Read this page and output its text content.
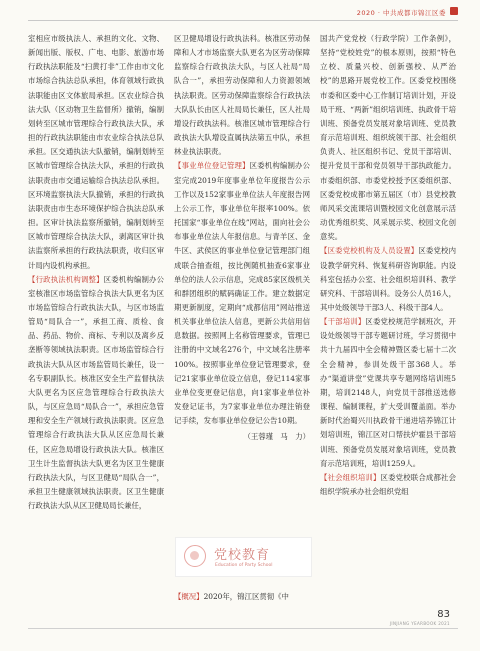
2020 · 中共成都市锦江区委

室相应市级执法人、承担的文化、文物、新闻出版、版权、广电、电影、旅游市场行政执法职能及“扫黄打非”工作由市文化市场综合执法总队承担，体育领域行政执法职能由区文体旅局承担。区农业综合执法大队（区动物卫生监督所）撤销，编制划转至区城市管理综合行政执法大队，承担的行政执法职能由市农业综合执法总队承担。区交通执法大队撤销，编制划转至区城市管理综合执法大队，承担的行政执法职责由市交通运输综合执法总队承担。区环境监察执法大队撤销，承担的行政执法职责由市生态环境保护综合执法总队承担。区审计执法监察所撤销，编制划转至区城市管理综合执法大队，剥离区审计执法监察所承担的行政执法职责，收归区审计局内设机构承担。

【行政执法机构调整】区委机构编制办公室核准区市场监管综合执法大队更名为区市场监管综合行政执法大队，与区市场监管局“局队合一”，承担工商、质检、食品、药品、物价、商标、专利以及离乡反垄断等领域执法职责。区市场监管综合行政执法大队从区市场监管局长兼任，设一名专职副队长。核准区安全生产监督执法大队更名为区应急管理综合行政执法大队，与区应急局“局队合一”，承担应急管理和安全生产领域行政执法职责。区应急管理综合行政执法大队从区应急局长兼任，区应急局增设行政执法大队。核准区卫生计生监督执法大队更名为区卫生健康行政执法大队，与区卫健局“局队合一”，承担卫生健康领域执法职责。区卫生健康行政执法大队从区卫健局局长兼任，

区卫健局增设行政执法科。核准区劳动保障和人才市场监察大队更名为区劳动保障监察综合行政执法大队，与区人社局“局队合一”，承担劳动保障和人力资源领域执法职责。区劳动保障监察综合行政执法大队队长由区人社局局长兼任，区人社局增设行政执法科。核准区城市管理综合行政执法大队增设直属执法第五中队，承担林业执法职责。

【事业单位登记管理】区委机构编制办公室完成2019年度事业单位年度报告公示工作以及152家事业单位法人年度报告网上公示工作，事业单位年报率100%。依托国家“事业单位在线”网站，面向社会公布事业单位法人年报信息。与青羊区、金牛区、武侯区的事业单位登记管理部门组成联合抽查组，按比例随机抽查6家事业单位的法人公示信息，完成85家区级机关和群团组织的赋码确证工作。建立数据定期更新制度，定期向“成都信用”网站推送机关事业单位法人信息，更新公共信用信息数据。按照网上名称管理要求，管理已注册的中文域名276个，中文域名注册率100%。按照事业单位登记管理要求，登记21家事业单位设立信息，登记114家事业单位变更登记信息，向1家事业单位补发登记证书，为7家事业单位办理注销登记手续，发布事业单位登记公告10期。

（王蓉瑾　马　力）

党校教育
Education of Party School

【概况】2020年，锦江区贯彻《中

国共产党党校（行政学院）工作条例》，坚持“党校姓党”的根本原则，按照“特色立校、质量兴校、创新强校、从严治校”的思路开展党校工作。区委党校围绕市委和区委中心工作制订培训计划，开设局干班、“两新”组织培训班、执政骨干培训班、预备党员发展对象培训班、党员教育示范培训班、组织统领干部、社会组织负责人、社区组织书记、党员干部培训、提升党员干部和党员领导干部执政能力。市委组织部、市委党校授予区委组织部、区委党校成都市第五届区（市）县党校教师风采交流课培训暨校园文化创意展示活动优秀组织奖、风采展示奖、校园文化创意奖。

【区委党校机构及人员设置】区委党校内设教学研究科、恢复科研咨询职能。内设科室包括办公室、社会组织培训科、教学研究科、干部培训科。设务公人员16人，其中处级领导干部3人、科级干部4人。

【干部培训】区委党校规范学制班次，开设处级领导干部专题研讨班，学习贯彻中共十九届四中全会精神暨区委七届十二次全会精神，参训处级干部368人。举办“渠道讲堂”党课共享专题网络培训班5期，培训2148人，向党员干部推送选修课程、编制课程，扩大受训覆盖面。举办新时代治蜀兴川执政骨干递进培养锦江计划培训班，锦江区对口帮扶炉霍县干部培训班、预备党员发展对象培训班，党员教育示范培训班，培训1259人。

【社会组织培训】区委党校联合成都社会组织学院承办社会组织党组

83
JINJIANG YEARBOOK 2021
